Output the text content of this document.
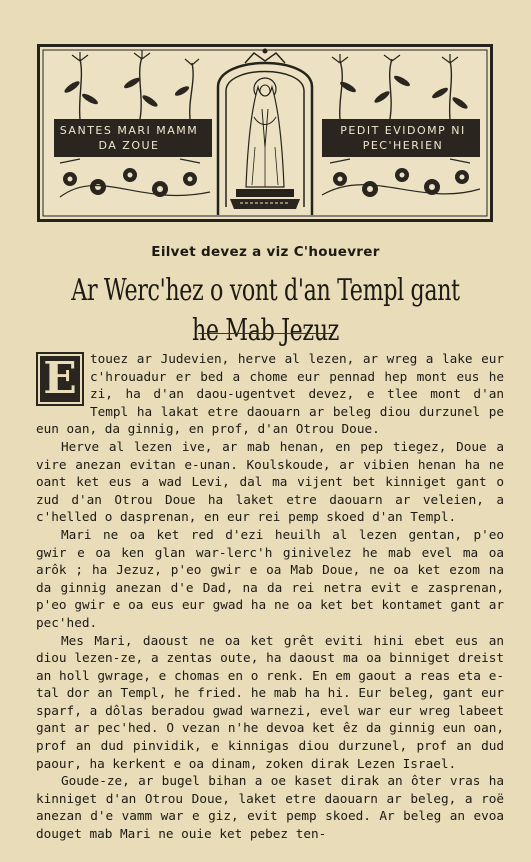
SANTES MARI MAMM
DA ZOUE
PEDIT EVIDOMP NI
PEC'HERIEN
Eilvet devez a viz C'houevrer
Ar Werc'hez o vont d'an Templ gant he Mab Jezuz

E	touez ar Judevien, herve al lezen, ar wreg a lake eur c'hrouadur er bed a chome eur pennad hep mont eus he zi, ha d'an daou-ugentvet devez, e tlee mont d'an Templ ha lakat etre daouarn ar beleg diou durzunel pe eun oan, da ginnig, en prof, d'an Otrou Doue.

Herve al lezen ive, ar mab henan, en pep tiegez, Doue a vire anezan evitan e-unan. Koulskoude, ar vibien henan ha ne oant ket eus a wad Levi, dal ma vijent bet kinniget gant o zud d'an Otrou Doue ha laket etre daouarn ar veleien, a c'helled o dasprenan, en eur rei pemp skoed d'an Templ.

Mari ne oa ket red d'ezi heuilh al lezen gentan, p'eo gwir e oa ken glan war-lerc'h ginivelez he mab evel ma oa arôk ; ha Jezuz, p'eo gwir e oa Mab Doue, ne oa ket ezom na da ginnig anezan d'e Dad, na da rei netra evit e zasprenan, p'eo gwir e oa eus eur gwad ha ne oa ket bet kontamet gant ar pec'hed.

Mes Mari, daoust ne oa ket grêt eviti hini ebet eus an diou lezen-ze, a zentas oute, ha daoust ma oa binniget dreist an holl gwrage, e chomas en o renk. En em gaout a reas eta e-tal dor an Templ, he fried. he mab ha hi. Eur beleg, gant eur sparf, a dôlas beradou gwad warnezi, evel war eur wreg labeet gant ar pec'hed. O vezan n'he devoa ket êz da ginnig eun oan, prof an dud pinvidik, e kinnigas diou durzunel, prof an dud paour, ha kerkent e oa dinam, zoken dirak Lezen Israel.

Goude-ze, ar bugel bihan a oe kaset dirak an ôter vras ha kinniget d'an Otrou Doue, laket etre daouarn ar beleg, a roë anezan d'e vamm war e giz, evit pemp skoed. Ar beleg an evoa douget mab Mari ne ouie ket pebez ten-
